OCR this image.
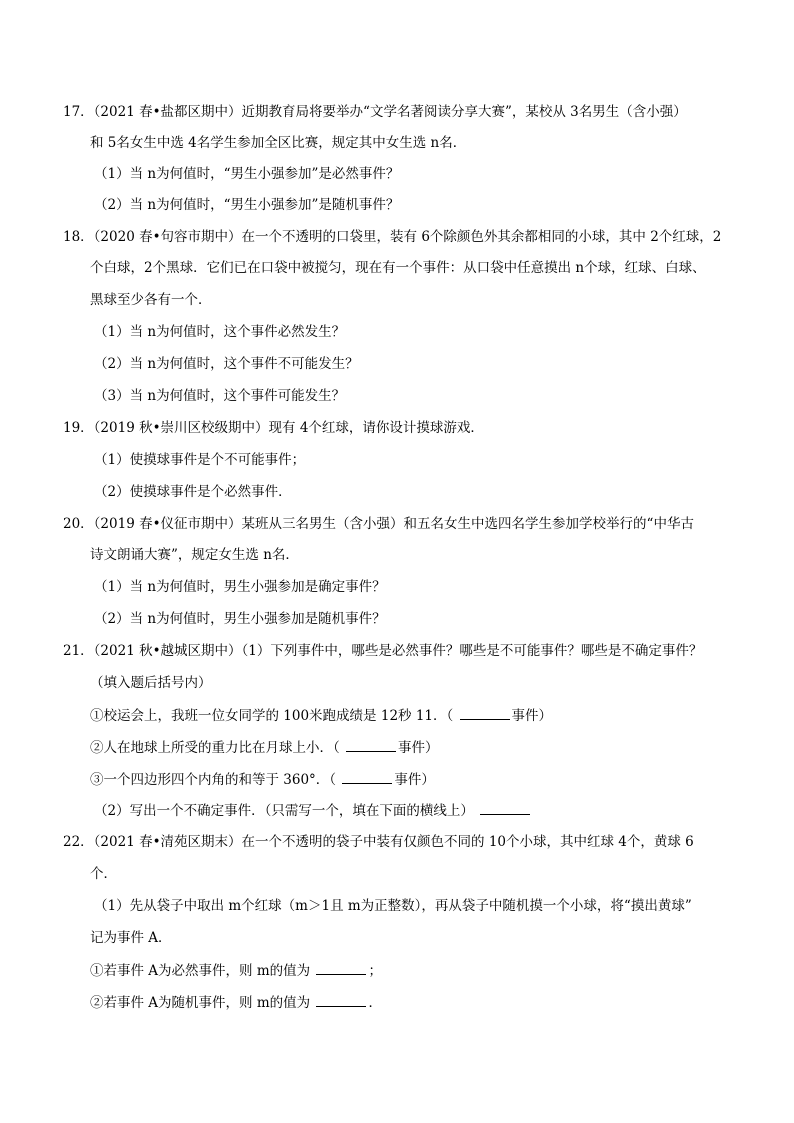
17．（2021 春•盐都区期中）近期教育局将要举办“文学名著阅读分享大赛”，某校从 3名男生（含小强）
和 5名女生中选 4名学生参加全区比赛，规定其中女生选 n名．
（1）当 n为何值时，“男生小强参加”是必然事件？
（2）当 n为何值时，“男生小强参加”是随机事件？
18．（2020 春•句容市期中）在一个不透明的口袋里，装有 6个除颜色外其余都相同的小球，其中 2个红球，2
个白球，2个黑球．它们已在口袋中被搅匀，现在有一个事件：从口袋中任意摸出 n个球，红球、白球、
黑球至少各有一个．
（1）当 n为何值时，这个事件必然发生？
（2）当 n为何值时，这个事件不可能发生？
（3）当 n为何值时，这个事件可能发生？
19．（2019 秋•崇川区校级期中）现有 4个红球，请你设计摸球游戏．
（1）使摸球事件是个不可能事件；
（2）使摸球事件是个必然事件．
20．（2019 春•仪征市期中）某班从三名男生（含小强）和五名女生中选四名学生参加学校举行的“中华古
诗文朗诵大赛”，规定女生选 n名．
（1）当 n为何值时，男生小强参加是确定事件？
（2）当 n为何值时，男生小强参加是随机事件？
21．（2021 秋•越城区期中）（1）下列事件中，哪些是必然事件？哪些是不可能事件？哪些是不确定事件？
（填入题后括号内）
①校运会上，我班一位女同学的 100米跑成绩是 12秒 11．（	事件）
②人在地球上所受的重力比在月球上小．（	事件）
③一个四边形四个内角的和等于 360°．（	事件）
（2）写出一个不确定事件．（只需写一个，填在下面的横线上）
22．（2021 春•清苑区期末）在一个不透明的袋子中装有仅颜色不同的 10个小球，其中红球 4个，黄球 6
个．
（1）先从袋子中取出 m个红球（m＞1且 m为正整数），再从袋子中随机摸一个小球，将“摸出黄球”
记为事件 A．
①若事件 A为必然事件，则 m的值为	；
②若事件 A为随机事件，则 m的值为	．
